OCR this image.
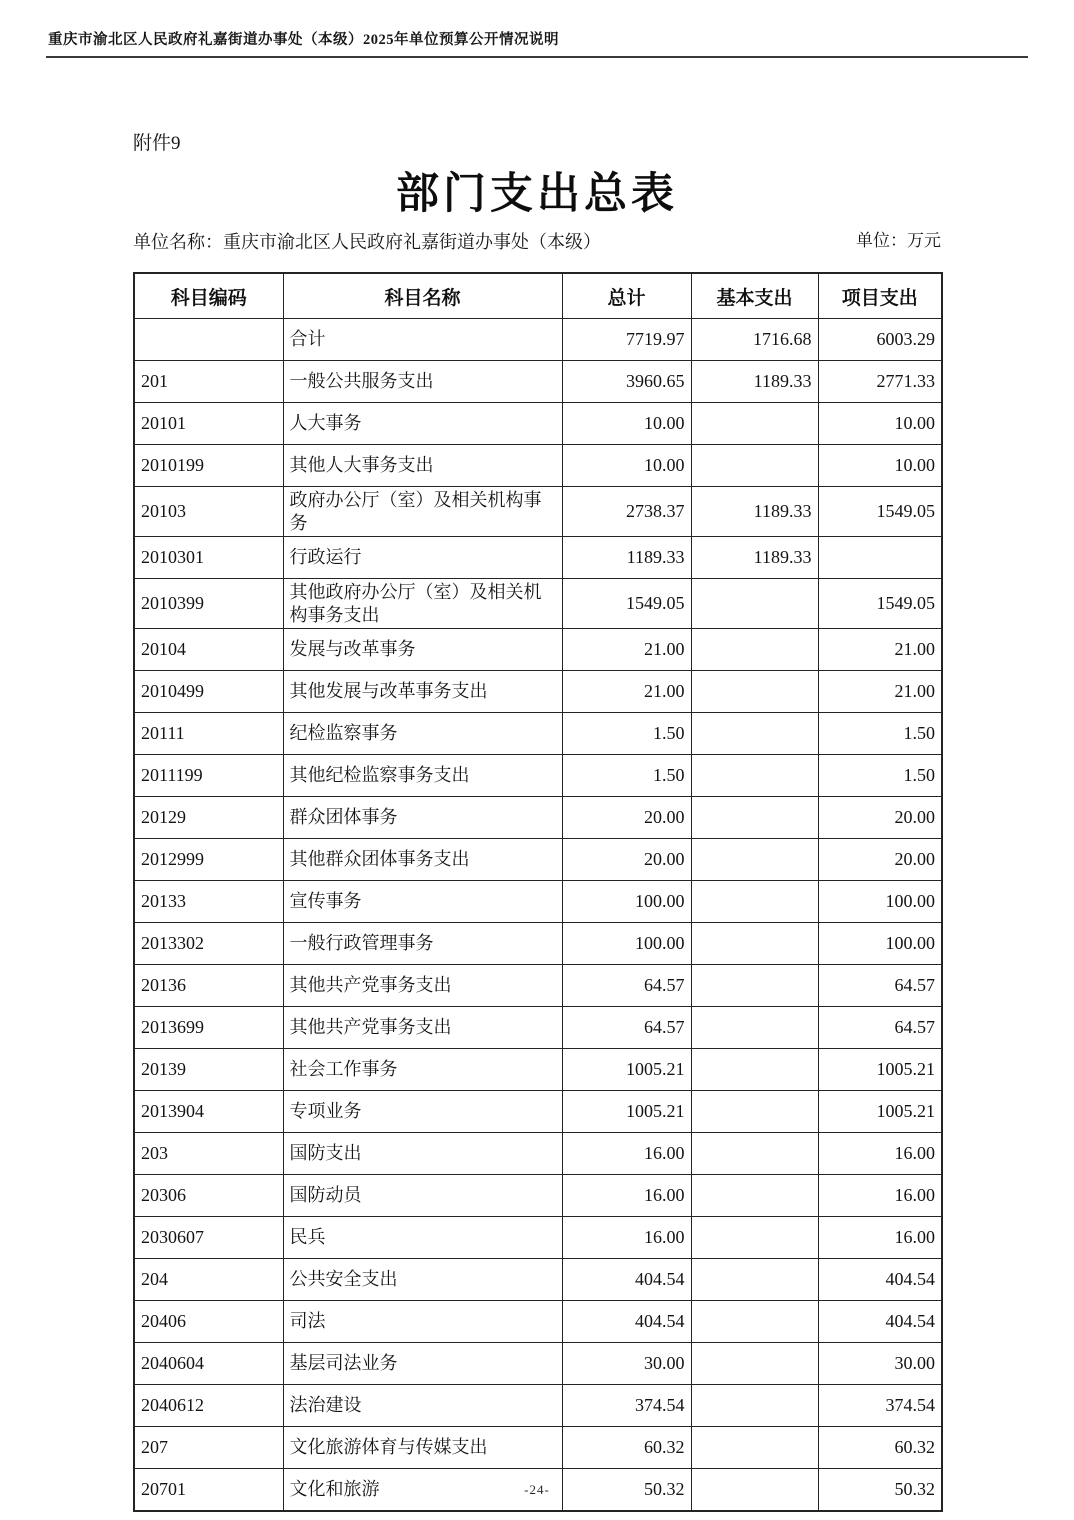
重庆市渝北区人民政府礼嘉街道办事处（本级）2025年单位预算公开情况说明
附件9
部门支出总表
单位名称：重庆市渝北区人民政府礼嘉街道办事处（本级）	单位：万元
科目编码	科目名称	总计	基本支出	项目支出
	合计	7719.97	1716.68	6003.29
201	一般公共服务支出	3960.65	1189.33	2771.33
20101	人大事务	10.00		10.00
2010199	其他人大事务支出	10.00		10.00
20103	政府办公厅（室）及相关机构事务	2738.37	1189.33	1549.05
2010301	行政运行	1189.33	1189.33	
2010399	其他政府办公厅（室）及相关机构事务支出	1549.05		1549.05
20104	发展与改革事务	21.00		21.00
2010499	其他发展与改革事务支出	21.00		21.00
20111	纪检监察事务	1.50		1.50
2011199	其他纪检监察事务支出	1.50		1.50
20129	群众团体事务	20.00		20.00
2012999	其他群众团体事务支出	20.00		20.00
20133	宣传事务	100.00		100.00
2013302	一般行政管理事务	100.00		100.00
20136	其他共产党事务支出	64.57		64.57
2013699	其他共产党事务支出	64.57		64.57
20139	社会工作事务	1005.21		1005.21
2013904	专项业务	1005.21		1005.21
203	国防支出	16.00		16.00
20306	国防动员	16.00		16.00
2030607	民兵	16.00		16.00
204	公共安全支出	404.54		404.54
20406	司法	404.54		404.54
2040604	基层司法业务	30.00		30.00
2040612	法治建设	374.54		374.54
207	文化旅游体育与传媒支出	60.32		60.32
20701	文化和旅游	50.32		50.32
-24-
